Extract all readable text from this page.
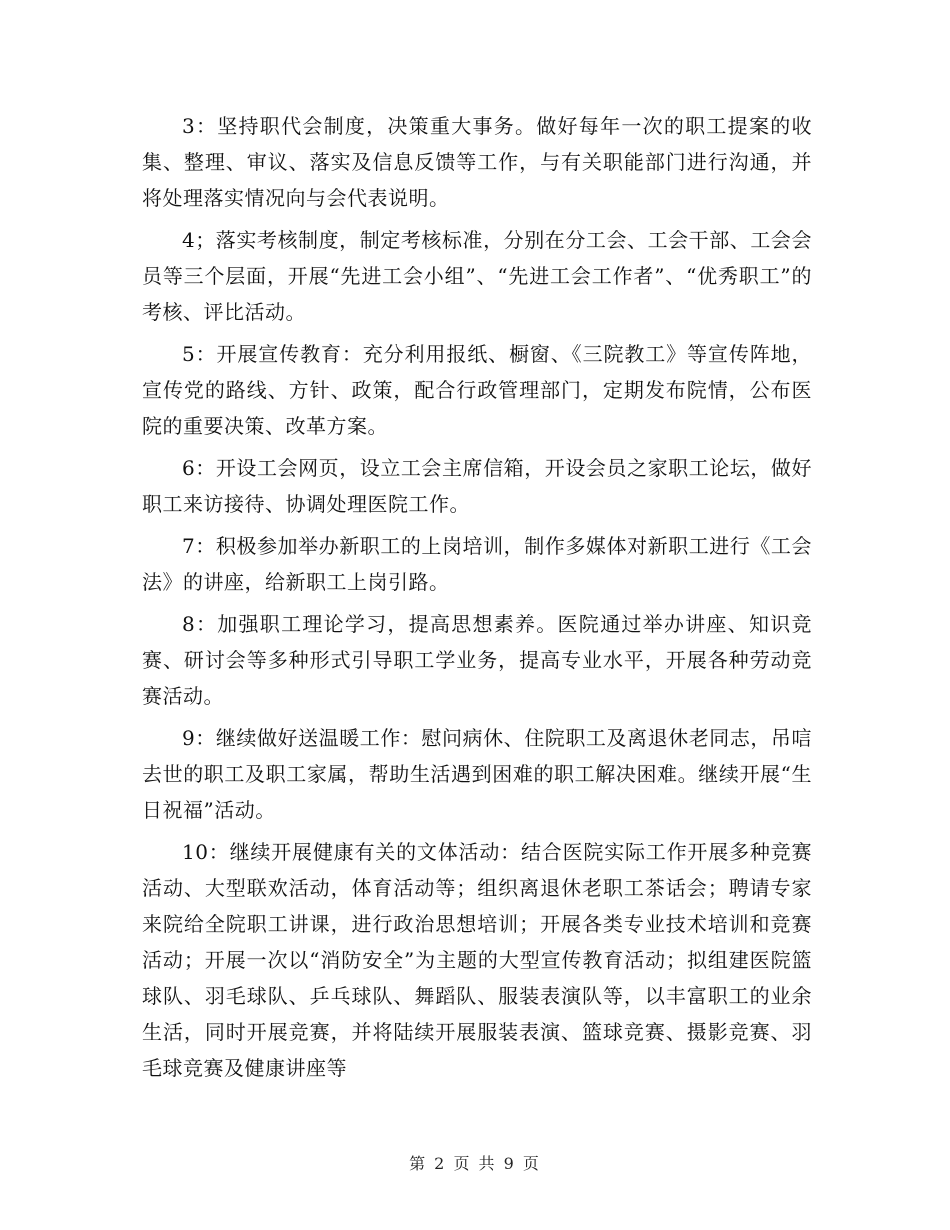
3：坚持职代会制度，决策重大事务。做好每年一次的职工提案的收集、整理、审议、落实及信息反馈等工作，与有关职能部门进行沟通，并将处理落实情况向与会代表说明。

4；落实考核制度，制定考核标准，分别在分工会、工会干部、工会会员等三个层面，开展“先进工会小组”、“先进工会工作者”、“优秀职工”的考核、评比活动。

5：开展宣传教育：充分利用报纸、橱窗、《三院教工》等宣传阵地，宣传党的路线、方针、政策，配合行政管理部门，定期发布院情，公布医院的重要决策、改革方案。

6：开设工会网页，设立工会主席信箱，开设会员之家职工论坛，做好职工来访接待、协调处理医院工作。

7：积极参加举办新职工的上岗培训，制作多媒体对新职工进行《工会法》的讲座，给新职工上岗引路。

8：加强职工理论学习，提高思想素养。医院通过举办讲座、知识竞赛、研讨会等多种形式引导职工学业务，提高专业水平，开展各种劳动竞赛活动。

9：继续做好送温暖工作：慰问病休、住院职工及离退休老同志，吊唁去世的职工及职工家属，帮助生活遇到困难的职工解决困难。继续开展“生日祝福”活动。

10：继续开展健康有关的文体活动：结合医院实际工作开展多种竞赛活动、大型联欢活动，体育活动等；组织离退休老职工茶话会；聘请专家来院给全院职工讲课，进行政治思想培训；开展各类专业技术培训和竞赛活动；开展一次以“消防安全”为主题的大型宣传教育活动；拟组建医院篮球队、羽毛球队、乒乓球队、舞蹈队、服装表演队等，以丰富职工的业余生活，同时开展竞赛，并将陆续开展服装表演、篮球竞赛、摄影竞赛、羽毛球竞赛及健康讲座等

第 2 页 共 9 页
